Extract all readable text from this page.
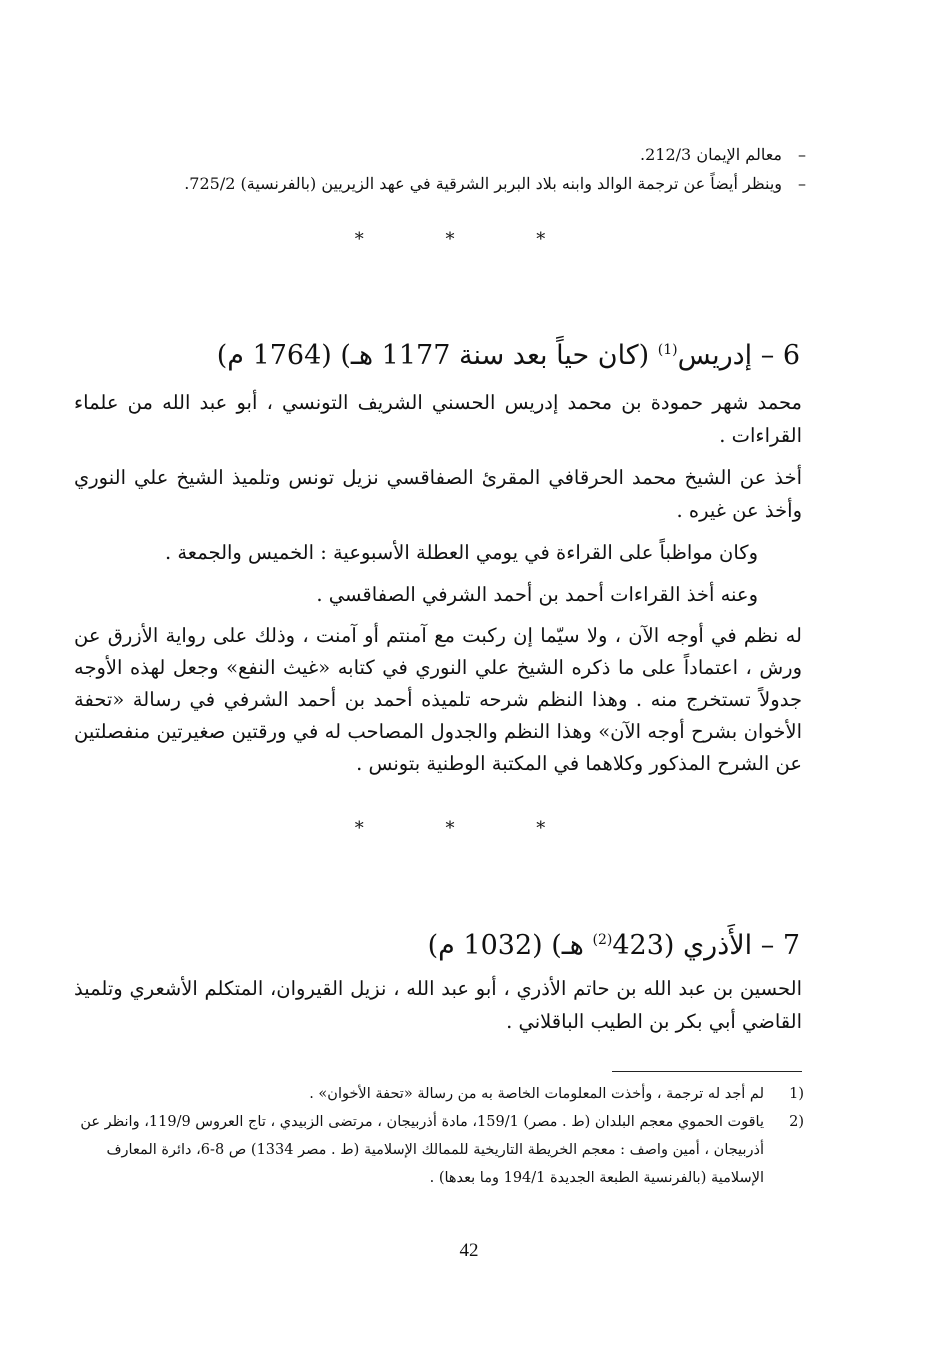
–
معالم الإيمان 212/3.
–
وينظر أيضاً عن ترجمة الوالد وابنه بلاد البربر الشرقية في عهد الزيريين (بالفرنسية) 725/2.
* * *
6 – إدريس$^{(1)}$ (كان حياً بعد سنة 1177 هـ) (1764 م)

محمد شهر حمودة بن محمد إدريس الحسني الشريف التونسي ، أبو عبد الله من علماء القراءات .

أخذ عن الشيخ محمد الحرقافي المقرئ الصفاقسي نزيل تونس وتلميذ الشيخ علي النوري وأخذ عن غيره .

وكان مواظباً على القراءة في يومي العطلة الأسبوعية : الخميس والجمعة .

وعنه أخذ القراءات أحمد بن أحمد الشرفي الصفاقسي .

له نظم في أوجه الآن ، ولا سيّما إن ركبت مع آمنتم أو آمنت ، وذلك على رواية الأزرق عن ورش ، اعتماداً على ما ذكره الشيخ علي النوري في كتابه «غيث النفع» وجعل لهذه الأوجه جدولاً تستخرج منه . وهذا النظم شرحه تلميذه أحمد بن أحمد الشرفي في رسالة «تحفة الأخوان بشرح أوجه الآن» وهذا النظم والجدول المصاحب له في ورقتين صغيرتين منفصلتين عن الشرح المذكور وكلاهما في المكتبة الوطنية بتونس .

* * *
7 – الأَذري (423$^{(2)}$ هـ) (1032 م)

الحسين بن عبد الله بن حاتم الأذري ، أبو عبد الله ، نزيل القيروان، المتكلم الأشعري وتلميذ القاضي أبي بكر بن الطيب الباقلاني .

1)
لم أجد له ترجمة ، وأخذت المعلومات الخاصة به من رسالة «تحفة الأخوان» .
2)
ياقوت الحموي معجم البلدان (ط . مصر) 159/1، مادة أذربيجان ، مرتضى الزبيدي ، تاج العروس 119/9، وانظر عن أذربيجان ، أمين واصف : معجم الخريطة التاريخية للممالك الإسلامية (ط . مصر 1334) ص 8-6، دائرة المعارف الإسلامية (بالفرنسية الطبعة الجديدة 194/1 وما بعدها) .
42
